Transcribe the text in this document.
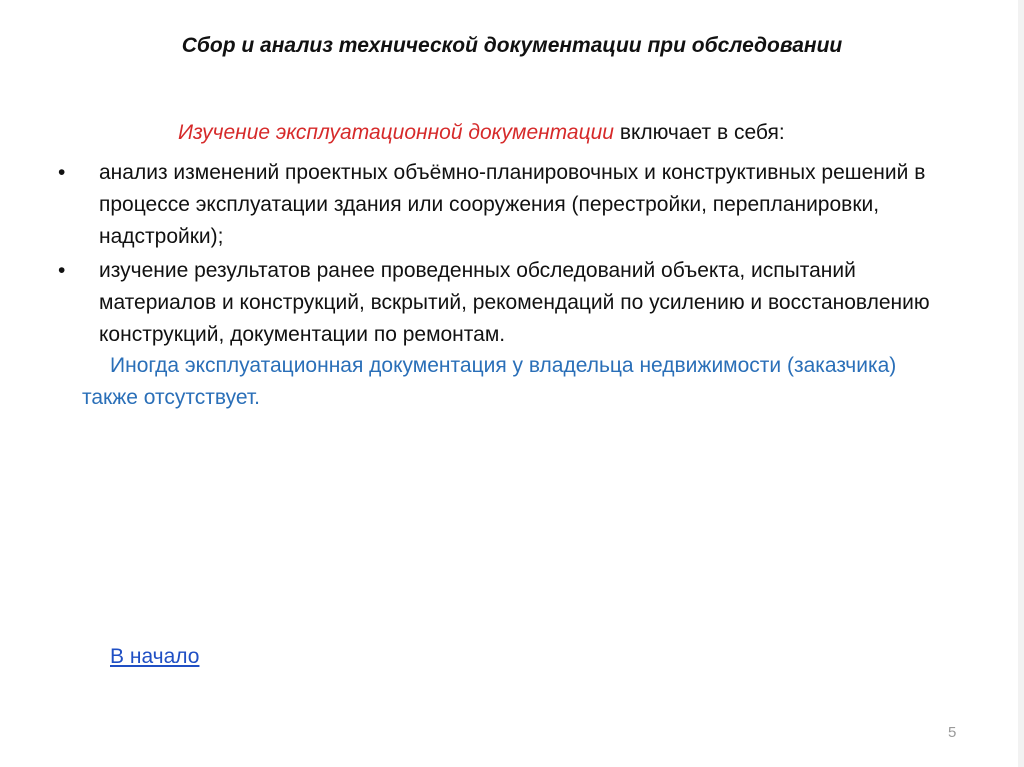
Сбор и анализ технической документации при обследовании
Изучение эксплуатационной документации включает в себя:
•	анализ изменений проектных объёмно-планировочных и конструктивных решений в процессе эксплуатации здания или сооружения (перестройки, перепланировки, надстройки);
•	изучение результатов ранее проведенных обследований объекта, испытаний материалов и конструкций, вскрытий, рекомендаций по усилению и восстановлению конструкций, документации по ремонтам.
Иногда эксплуатационная документация у владельца недвижимости (заказчика) также отсутствует.
В начало
5
